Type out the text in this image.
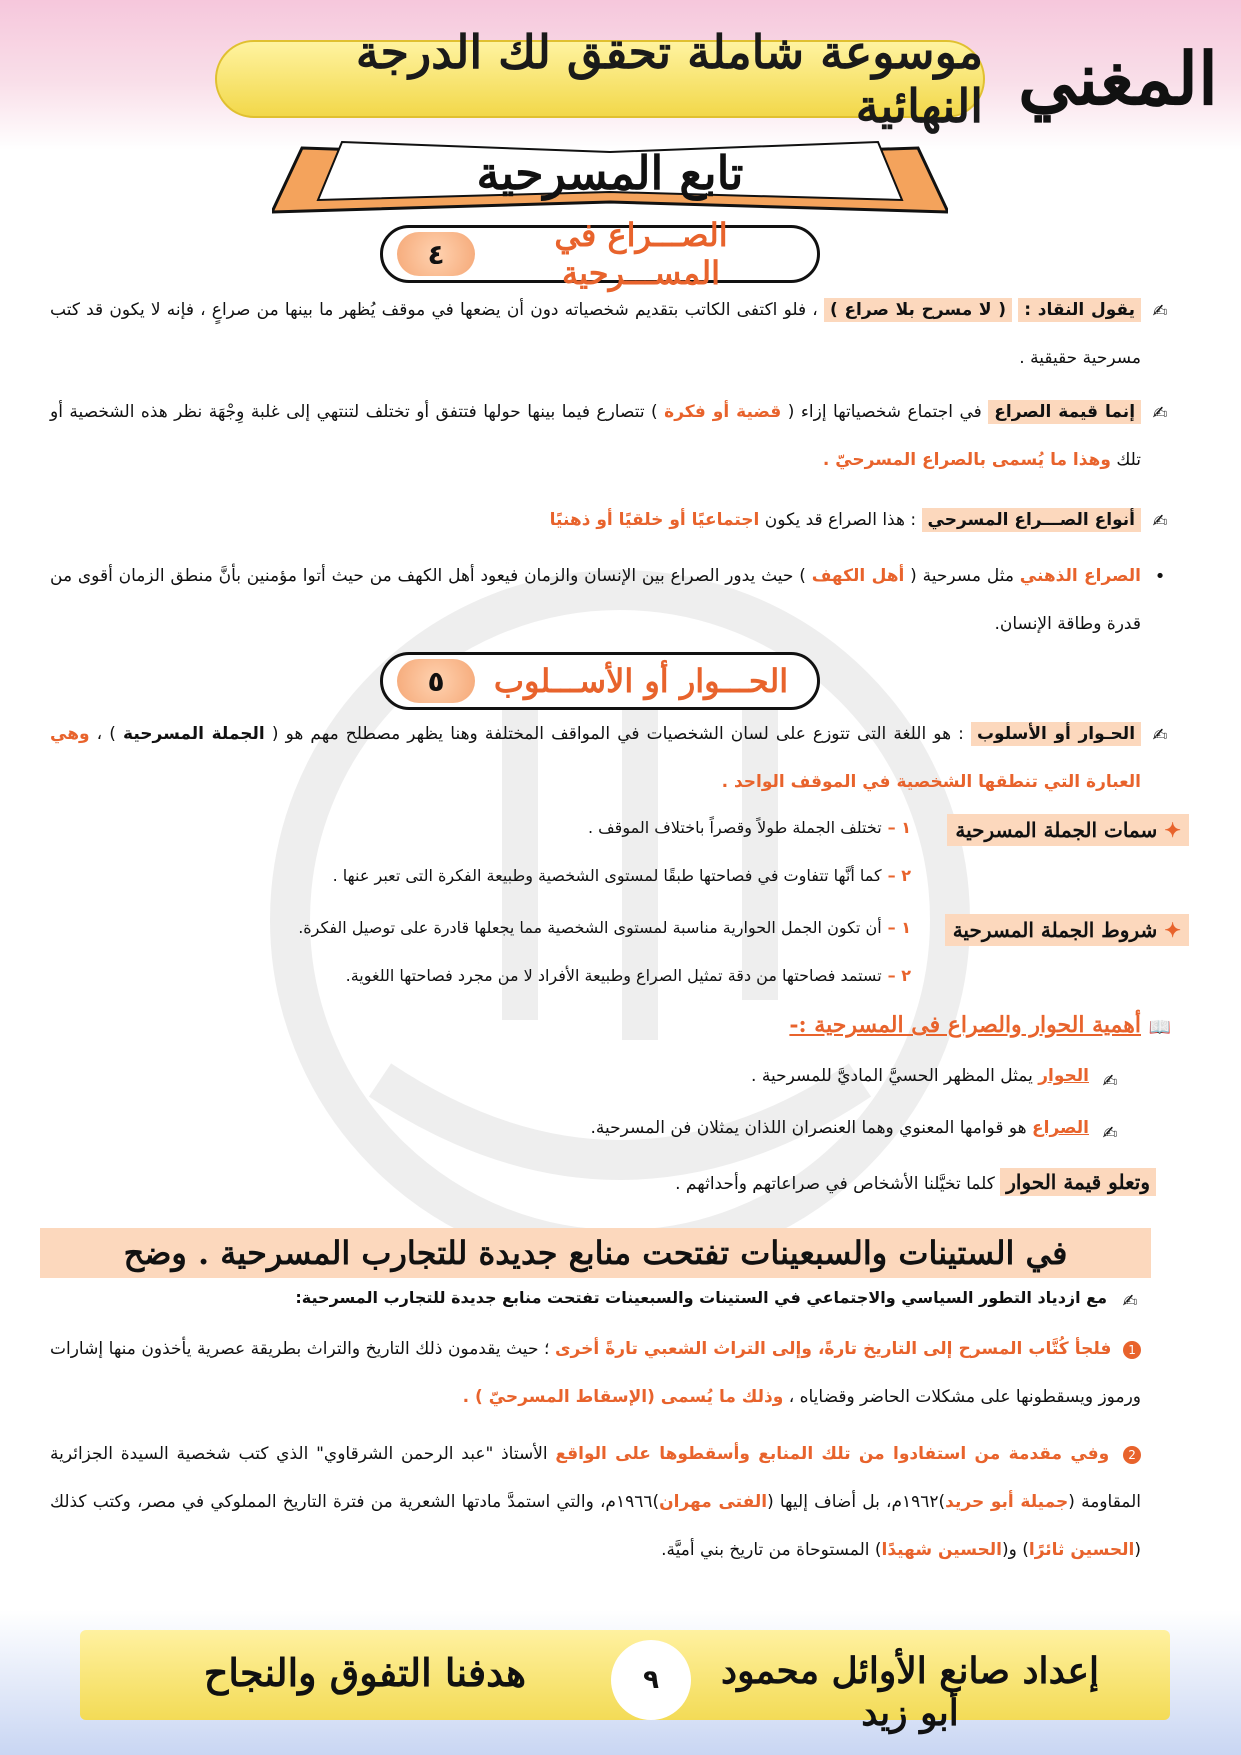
موسوعة شاملة تحقق لك الدرجة النهائية المغني
تابع المسرحية
٤	الصـــراع في المســـرحية
✍
يقول النقاد : ( لا مسرح بلا صراع ) ، فلو اكتفى الكاتب بتقديم شخصياته دون أن يضعها في موقف يُظهر ما بينها من صراعٍ ، فإنه لا يكون قد كتب مسرحية حقيقية .
✍
إنما قيمة الصراع في اجتماع شخصياتها إزاء ( قضية أو فكرة ) تتصارع فيما بينها حولها فتتفق أو تختلف لتنتهي إلى غلبة وِجْهَة نظر هذه الشخصية أو تلك وهذا ما يُسمى بالصراع المسرحيّ .
✍
أنواع الصـــراع المسرحي : هذا الصراع قد يكون اجتماعيًا أو خلقيًا أو ذهنيًا
•
الصراع الذهني مثل مسرحية ( أهل الكهف ) حيث يدور الصراع بين الإنسان والزمان فيعود أهل الكهف من حيث أتوا مؤمنين بأنَّ منطق الزمان أقوى من قدرة وطاقة الإنسان.
٥	الحـــوار أو الأســـلوب
✍
الحـوار أو الأسلوب : هو اللغة التى تتوزع على لسان الشخصيات في المواقف المختلفة وهنا يظهر مصطلح مهم هو ( الجملة المسرحية ) ، وهي العبارة التي تنطقها الشخصية في الموقف الواحد .
✦ سمات الجملة المسرحية
١ –تختلف الجملة طولاً وقصراً باختلاف الموقف .
٢ –كما أنَّها تتفاوت في فصاحتها طبقًا لمستوى الشخصية وطبيعة الفكرة التى تعبر عنها .
✦ شروط الجملة المسرحية
١ –أن تكون الجمل الحوارية مناسبة لمستوى الشخصية مما يجعلها قادرة على توصيل الفكرة.
٢ –تستمد فصاحتها من دقة تمثيل الصراع وطبيعة الأفراد لا من مجرد فصاحتها اللغوية.
📖
أهمية الحوار والصراع فى المسرحية :-
✍
الحوار يمثل المظهر الحسيَّ الماديَّ للمسرحية .
✍
الصراع هو قوامها المعنوي وهما العنصران اللذان يمثلان فن المسرحية.
وتعلو قيمة الحوار كلما تخيَّلنا الأشخاص في صراعاتهم وأحداثهم .
في الستينات والسبعينات تفتحت منابع جديدة للتجارب المسرحية . وضح
✍
مع ازدياد التطور السياسي والاجتماعي في الستينات والسبعينات تفتحت منابع جديدة للتجارب المسرحية:
1 فلجأ كُتَّاب المسرح إلى التاريخ تارةً، وإلى التراث الشعبي تارةً أخرى ؛ حيث يقدمون ذلك التاريخ والتراث بطريقة عصرية يأخذون منها إشارات ورموز ويسقطونها على مشكلات الحاضر وقضاياه ، وذلك ما يُسمى (الإسقاط المسرحيّ ) .
2 وفي مقدمة من استفادوا من تلك المنابع وأسقطوها على الواقع الأستاذ "عبد الرحمن الشرقاوي" الذي كتب شخصية السيدة الجزائرية المقاومة (جميلة أبو حريد)١٩٦٢م، بل أضاف إليها (الفتى مهران)١٩٦٦م، والتي استمدَّ مادتها الشعرية من فترة التاريخ المملوكي في مصر، وكتب كذلك (الحسين ثائرًا) و(الحسين شهيدًا) المستوحاة من تاريخ بني أميَّة.
هدفنا التفوق والنجاح	إعداد صانع الأوائل محمود أبو زيد
٩
